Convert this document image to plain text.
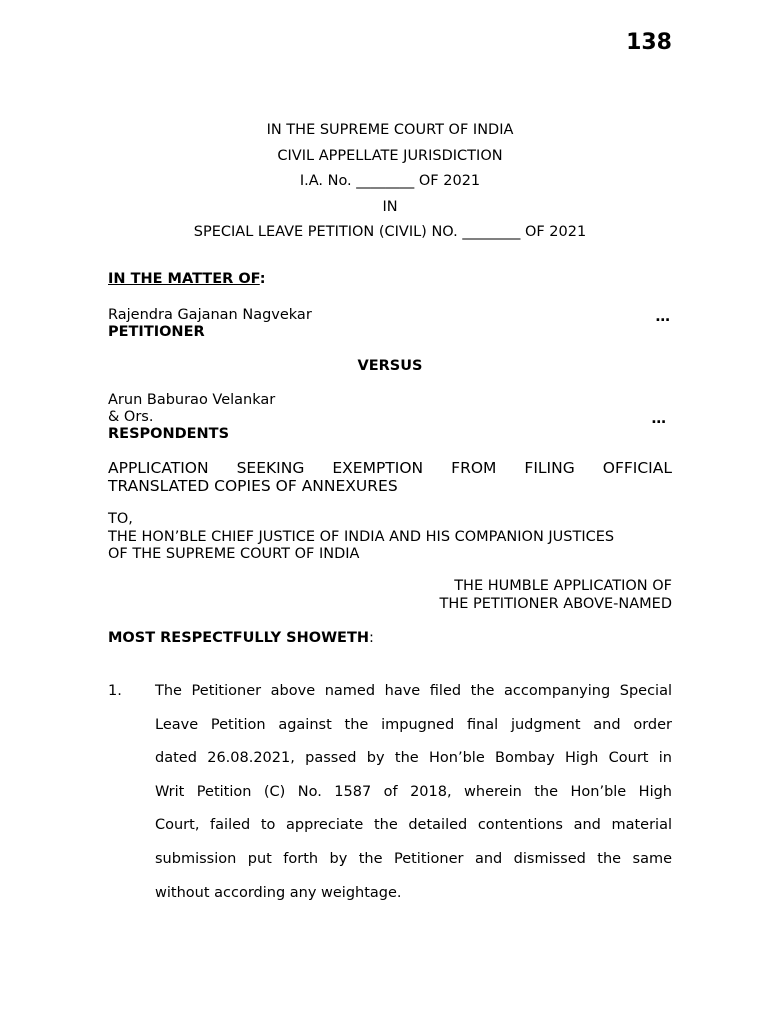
138
IN THE SUPREME COURT OF INDIA
CIVIL APPELLATE JURISDICTION
I.A. No. ________ OF 2021
IN
SPECIAL LEAVE PETITION (CIVIL) NO. ________ OF 2021
IN THE MATTER OF:
Rajendra Gajanan Nagvekar	…
PETITIONER
VERSUS
Arun Baburao Velankar
& Ors.	…
RESPONDENTS
APPLICATION SEEKING EXEMPTION FROM FILING OFFICIAL
TRANSLATED COPIES OF ANNEXURES
TO,
THE HON’BLE CHIEF JUSTICE OF INDIA AND HIS COMPANION JUSTICES
OF THE SUPREME COURT OF INDIA
THE HUMBLE APPLICATION OF
THE PETITIONER ABOVE-NAMED
MOST RESPECTFULLY SHOWETH:
1. The Petitioner above named have filed the accompanying Special
Leave Petition against the impugned final judgment and order
dated 26.08.2021, passed by the Hon’ble Bombay High Court in
Writ Petition (C) No. 1587 of 2018, wherein the Hon’ble High
Court, failed to appreciate the detailed contentions and material
submission put forth by the Petitioner and dismissed the same
without according any weightage.
